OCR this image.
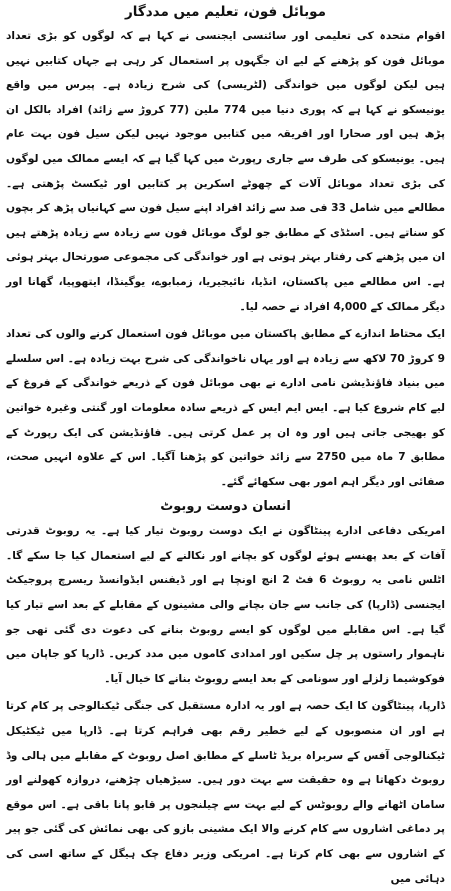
موبائل فون، تعلیم میں مددگار

اقوام متحدہ کی تعلیمی اور سائنسی ایجنسی نے کہا ہے کہ لوگوں کو بڑی تعداد موبائل فون کو پڑھنے کے لیے ان جگہوں پر استعمال کر رہی ہے جہاں کتابیں نہیں ہیں لیکن لوگوں میں خواندگی (لٹریسی) کی شرح زیادہ ہے۔ پیرس میں واقع یونیسکو نے کہا ہے کہ پوری دنیا میں 774 ملین (77 کروڑ سے زائد) افراد بالکل ان پڑھ ہیں اور صحارا اور افریقہ میں کتابیں موجود نہیں لیکن سیل فون بہت عام ہیں۔ یونیسکو کی طرف سے جاری رپورٹ میں کہا گیا ہے کہ ایسے ممالک میں لوگوں کی بڑی تعداد موبائل آلات کے چھوٹے اسکرین پر کتابیں اور ٹیکسٹ پڑھتی ہے۔ مطالعے میں شامل 33 فی صد سے زائد افراد اپنے سیل فون سے کہانیاں پڑھ کر بچوں کو سناتے ہیں۔ اسٹڈی کے مطابق جو لوگ موبائل فون سے زیادہ سے زیادہ پڑھتے ہیں ان میں پڑھنے کی رفتار بہتر ہوتی ہے اور خواندگی کی مجموعی صورتحال بہتر ہوئی ہے۔ اس مطالعے میں پاکستان، انڈیا، نائیجیریا، زمبابوے، یوگینڈا، ایتھوپیا، گھانا اور دیگر ممالک کے 4,000 افراد نے حصہ لیا۔

ایک محتاط اندازے کے مطابق پاکستان میں موبائل فون استعمال کرنے والوں کی تعداد 9 کروڑ 70 لاکھ سے زیادہ ہے اور یہاں ناخواندگی کی شرح بہت زیادہ ہے۔ اس سلسلے میں بنیاد فاؤنڈیشن نامی ادارے نے بھی موبائل فون کے ذریعے خواندگی کے فروغ کے لیے کام شروع کیا ہے۔ ایس ایم ایس کے ذریعے سادہ معلومات اور گنتی وغیرہ خواتین کو بھیجی جاتی ہیں اور وہ ان پر عمل کرتی ہیں۔ فاؤنڈیشن کی ایک رپورٹ کے مطابق 7 ماہ میں 2750 سے زائد خواتین کو پڑھنا آگیا۔ اس کے علاوہ انہیں صحت، صفائی اور دیگر اہم امور بھی سکھائے گئے۔

انسان دوست روبوٹ

امریکی دفاعی ادارے پینٹاگون نے ایک دوست روبوٹ تیار کیا ہے۔ یہ روبوٹ قدرتی آفات کے بعد پھنسے ہوئے لوگوں کو بچانے اور نکالنے کے لیے استعمال کیا جا سکے گا۔ اٹلس نامی یہ روبوٹ 6 فٹ 2 انچ اونچا ہے اور ڈیفنس ایڈوانسڈ ریسرچ پروجیکٹ ایجنسی (ڈارپا) کی جانب سے جان بچانے والی مشینوں کے مقابلے کے بعد اسے تیار کیا گیا ہے۔ اس مقابلے میں لوگوں کو ایسے روبوٹ بنانے کی دعوت دی گئی تھی جو ناہموار راستوں پر چل سکیں اور امدادی کاموں میں مدد کریں۔ ڈارپا کو جاپان میں فوکوشیما زلزلے اور سونامی کے بعد ایسے روبوٹ بنانے کا خیال آیا۔

ڈارپا، پینٹاگون کا ایک حصہ ہے اور یہ ادارہ مستقبل کی جنگی ٹیکنالوجی پر کام کرتا ہے اور ان منصوبوں کے لیے خطیر رقم بھی فراہم کرتا ہے۔ ڈارپا میں ٹیکٹیکل ٹیکنالوجی آفس کے سربراہ بریڈ ٹاسلے کے مطابق اصل روبوٹ کے مقابلے میں ہالی وڈ روبوٹ دکھاتا ہے وہ حقیقت سے بہت دور ہیں۔ سیڑھیاں چڑھنے، دروازہ کھولنے اور سامان اٹھانے والے روبوٹس کے لیے بہت سے چیلنجوں پر قابو پانا باقی ہے۔ اس موقع پر دماغی اشاروں سے کام کرنے والا ایک مشینی بازو کی بھی نمائش کی گئی جو پیر کے اشاروں سے بھی کام کرتا ہے۔ امریکی وزیر دفاع چک ہیگل کے ساتھ اسی کی دہائی میں
